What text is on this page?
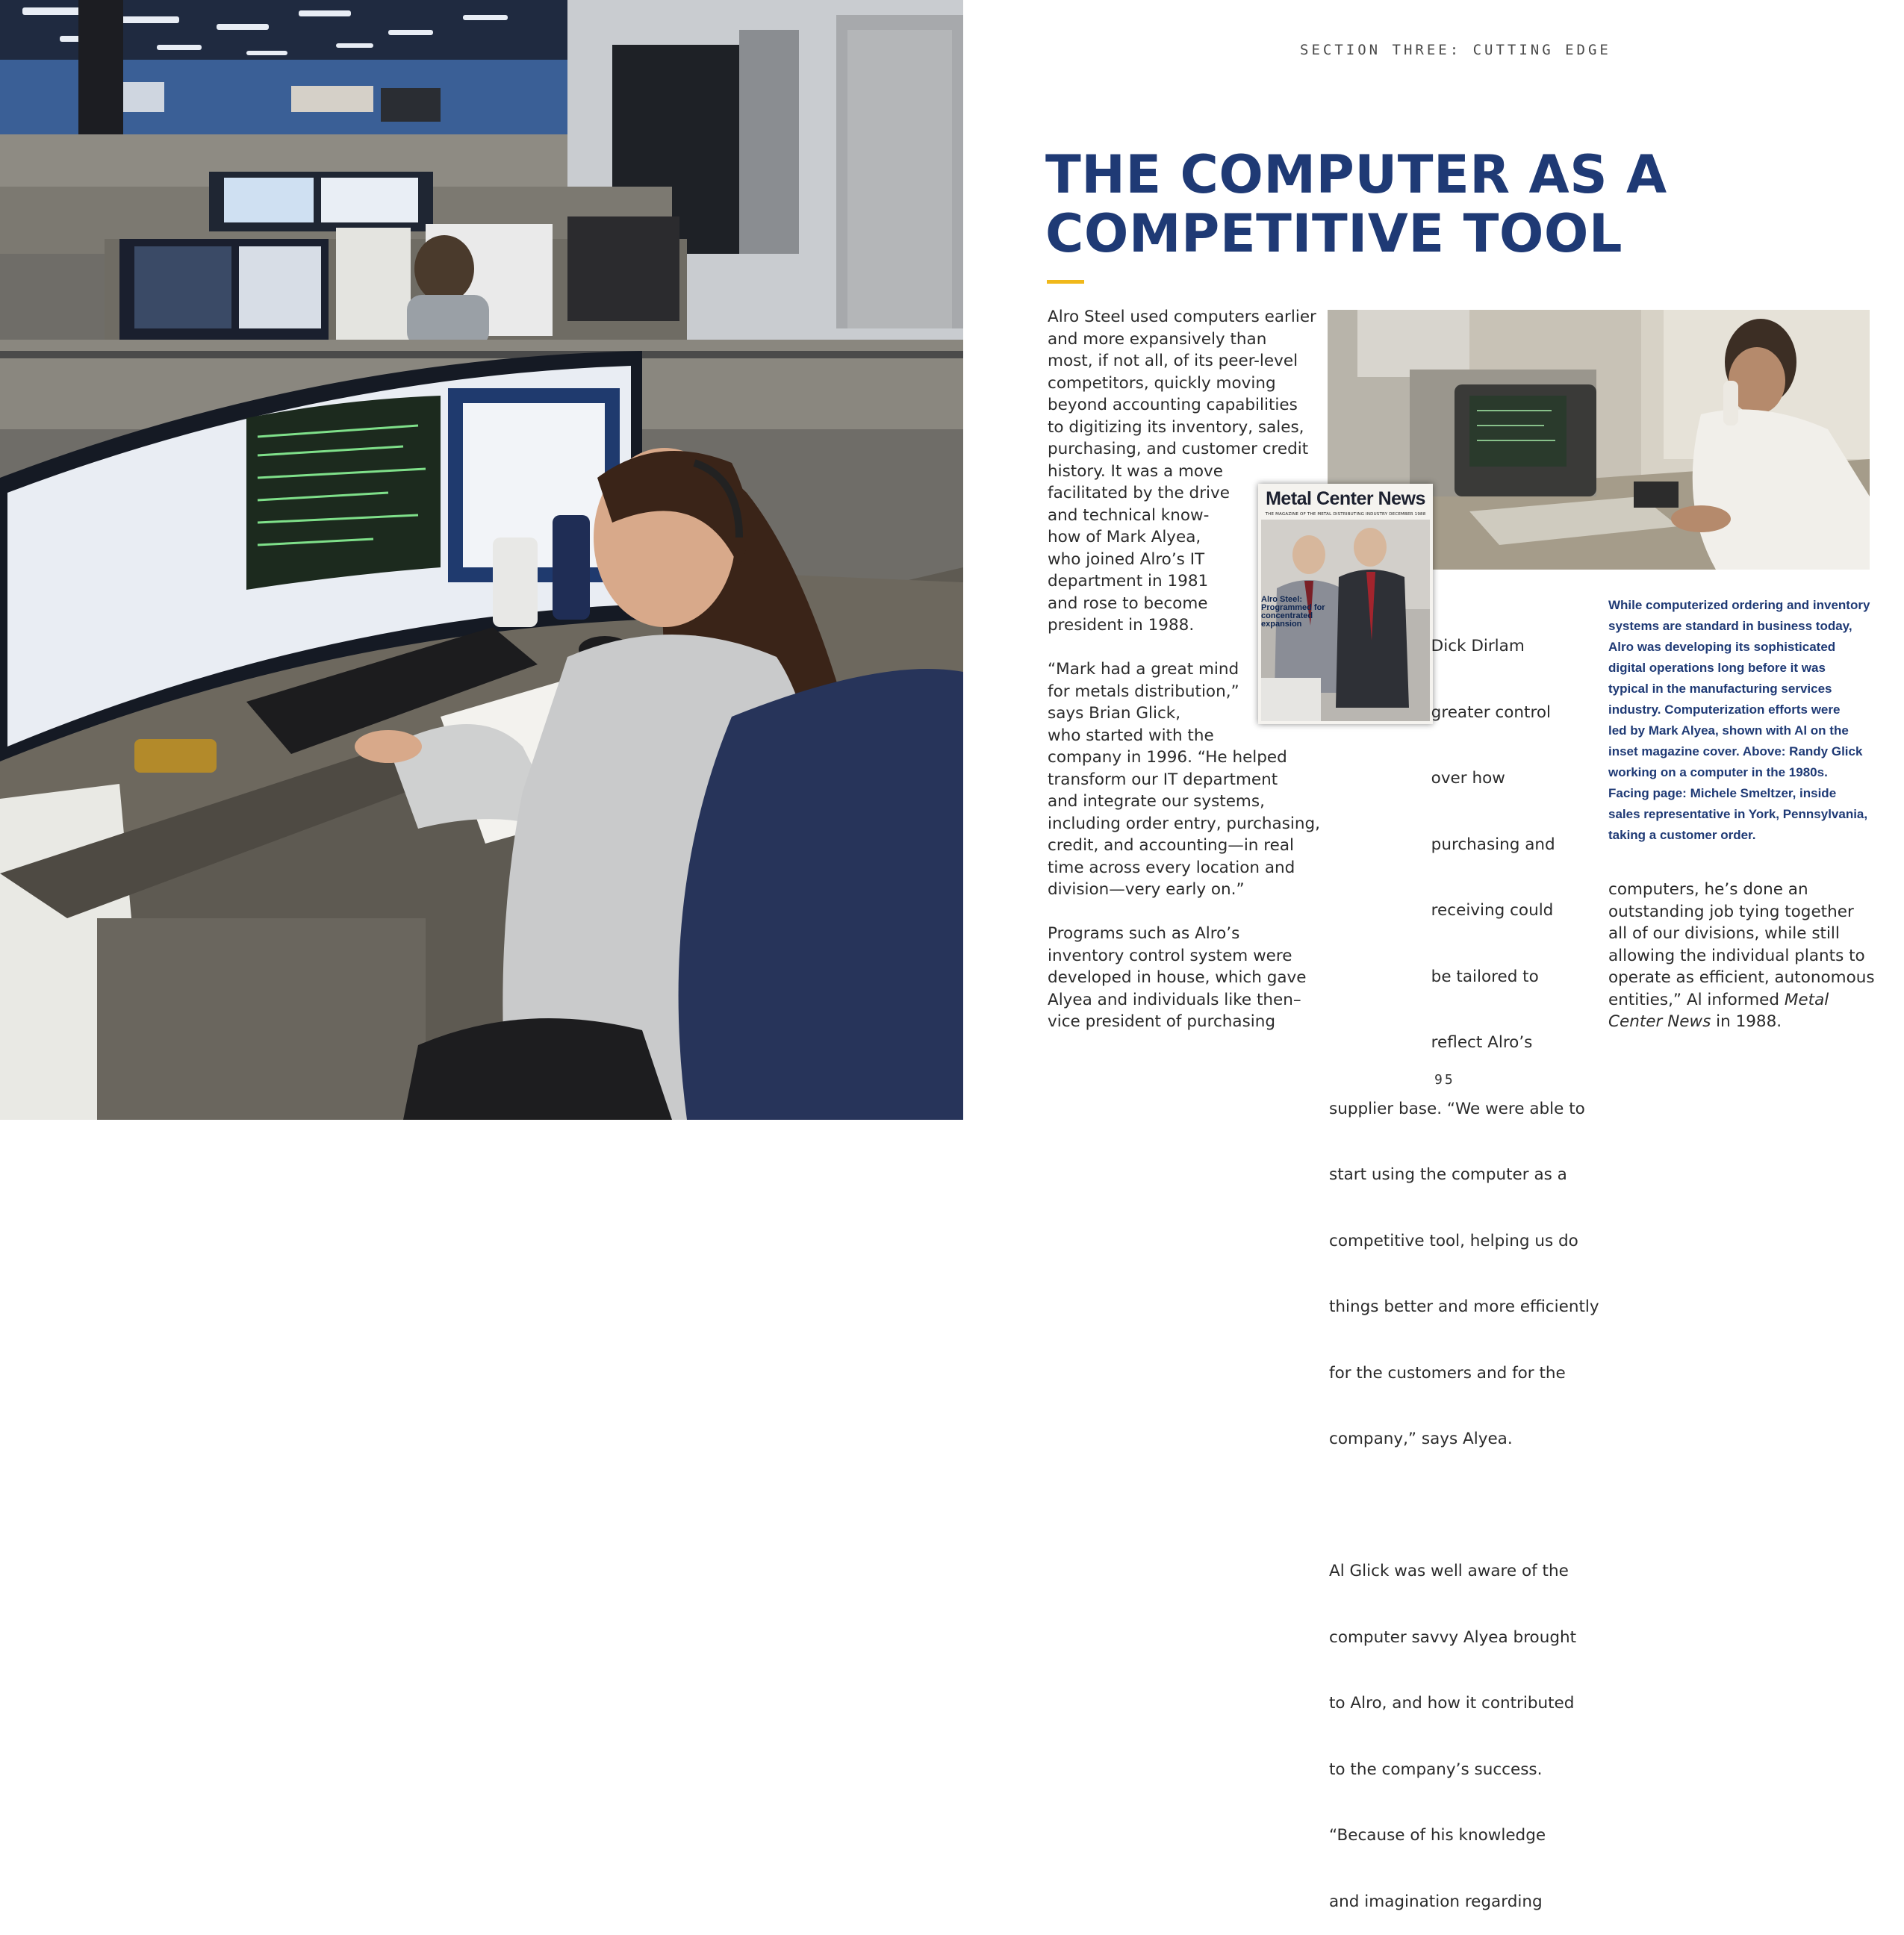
SECTION THREE: CUTTING EDGE
THE COMPUTER AS A
COMPETITIVE TOOL
Metal Center News
THE MAGAZINE OF THE METAL DISTRIBUTING INDUSTRY DECEMBER 1988
Alro Steel:
Programmed for
concentrated
expansion

Alro Steel used computers earlier

and more expansively than

most, if not all, of its peer-level

competitors, quickly moving

beyond accounting capabilities

to digitizing its inventory, sales,

purchasing, and customer credit

history. It was a move

facilitated by the drive

and technical know-

how of Mark Alyea,

who joined Alro’s IT

department in 1981

and rose to become

president in 1988.

“Mark had a great mind

for metals distribution,”

says Brian Glick,

who started with the

company in 1996. “He helped

transform our IT department

and integrate our systems,

including order entry, purchasing,

credit, and accounting—in real

time across every location and

division—very early on.”

Programs such as Alro’s

inventory control system were

developed in house, which gave

Alyea and individuals like then–

vice president of purchasing

Dick Dirlam

greater control

over how

purchasing and

receiving could

be tailored to

reflect Alro’s

supplier base. “We were able to

start using the computer as a

competitive tool, helping us do

things better and more efficiently

for the customers and for the

company,” says Alyea.

Al Glick was well aware of the

computer savvy Alyea brought

to Alro, and how it contributed

to the company’s success.

“Because of his knowledge

and imagination regarding

While computerized ordering and inventory

systems are standard in business today,

Alro was developing its sophisticated

digital operations long before it was

typical in the manufacturing services

industry. Computerization efforts were

led by Mark Alyea, shown with Al on the

inset magazine cover. Above: Randy Glick

working on a computer in the 1980s.

Facing page: Michele Smeltzer, inside

sales representative in York, Pennsylvania,

taking a customer order.

computers, he’s done an

outstanding job tying together

all of our divisions, while still

allowing the individual plants to

operate as efficient, autonomous

entities,” Al informed Metal

Center News in 1988.

95
